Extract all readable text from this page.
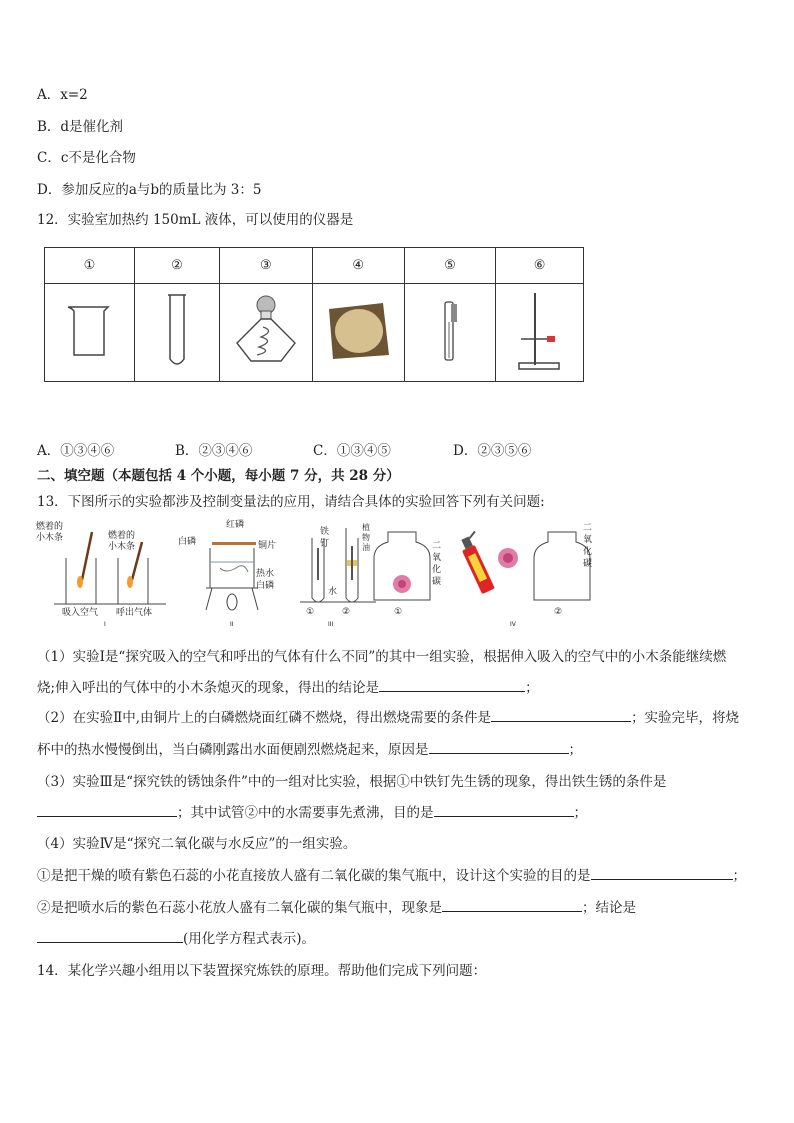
A．x=2
B．d是催化剂
C．c不是化合物
D．参加反应的a与b的质量比为 3：5
12．实验室加热约 150mL 液体，可以使用的仪器是
①	②	③	④	⑤	⑥

A．①③④⑥	B．②③④⑥	C．①③④⑤	D．②③⑤⑥
二、填空题（本题包括 4 个小题，每小题 7 分，共 28 分）
13．下图所示的实验都涉及控制变量法的应用，请结合具体的实验回答下列有关问题:
燃着的
小木条	燃着的
小木条
吸入空气 呼出气体
I
红磷
白磷	铜片
热水
白磷
II
铁
钉
植
物
油
水
①	②
III
二
氧
化
碳
①
二
氧
化
碳
②
IV
（1）实验Ⅰ是“探究吸入的空气和呼出的气体有什么不同”的其中一组实验，根据伸入吸入的空气中的小木条能继续燃
烧;伸入呼出的气体中的小木条熄灭的现象，得出的结论是	；
（2）在实验Ⅱ中,由铜片上的白磷燃烧面红磷不燃烧，得出燃烧需要的条件是	；实验完毕，将烧
杯中的热水慢慢倒出，当白磷刚露出水面便剧烈燃烧起来，原因是	；
（3）实验Ⅲ是“探究铁的锈蚀条件”中的一组对比实验，根据①中铁钉先生锈的现象，得出铁生锈的条件是
；其中试管②中的水需要事先煮沸，目的是	；
（4）实验Ⅳ是“探究二氧化碳与水反应”的一组实验。
①是把干燥的喷有紫色石蕊的小花直接放人盛有二氧化碳的集气瓶中，设计这个实验的目的是	；
②是把喷水后的紫色石蕊小花放人盛有二氧化碳的集气瓶中，现象是	；结论是
(用化学方程式表示)。
14．某化学兴趣小组用以下装置探究炼铁的原理。帮助他们完成下列问题：
